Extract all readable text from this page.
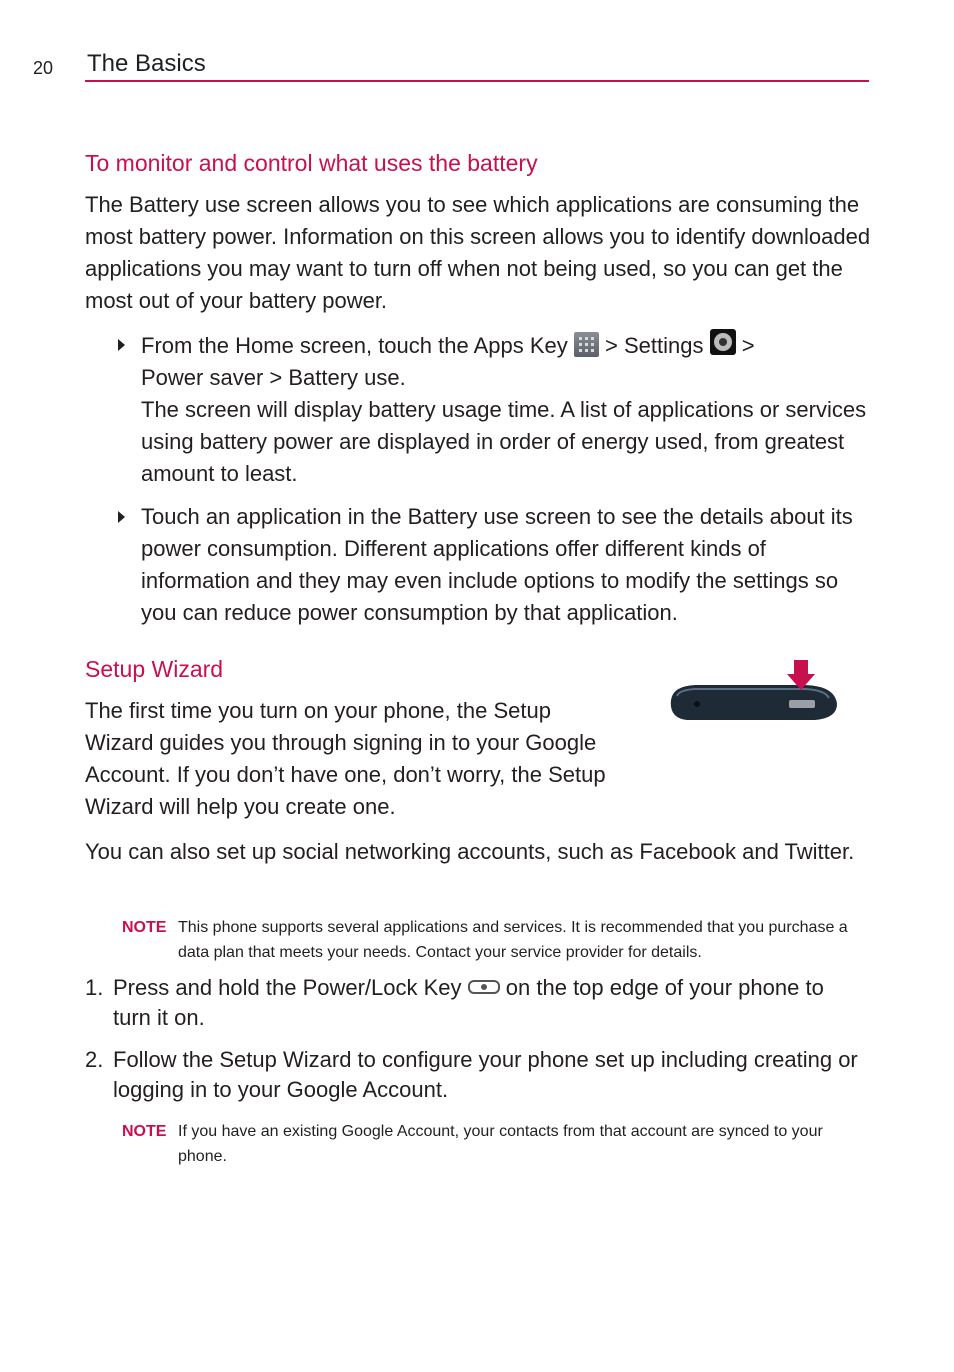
20 The Basics
To monitor and control what uses the battery

The Battery use screen allows you to see which applications are consuming the most battery power. Information on this screen allows you to identify downloaded applications you may want to turn off when not being used, so you can get the most out of your battery power.

From the Home screen, touch the Apps Key
> Settings  >
Power saver > Battery use.
The screen will display battery usage time. A list of applications or services using battery power are displayed in order of energy used, from greatest amount to least.
Touch an application in the Battery use screen to see the details about its power consumption. Different applications offer different kinds of information and they may even include options to modify the settings so you can reduce power consumption by that application.
Setup Wizard

The first time you turn on your phone, the Setup Wizard guides you through signing in to your Google Account. If you don’t have one, don’t worry, the Setup Wizard will help you create one.

You can also set up social networking accounts, such as Facebook and Twitter.

NOTE This phone supports several applications and services. It is recommended that you purchase a data plan that meets your needs. Contact your service provider for details.
1. Press and hold the Power/Lock Key  on the top edge of your phone to turn it on.
2. Follow the Setup Wizard to configure your phone set up including creating or logging in to your Google Account.
NOTE If you have an existing Google Account, your contacts from that account are synced to your phone.
